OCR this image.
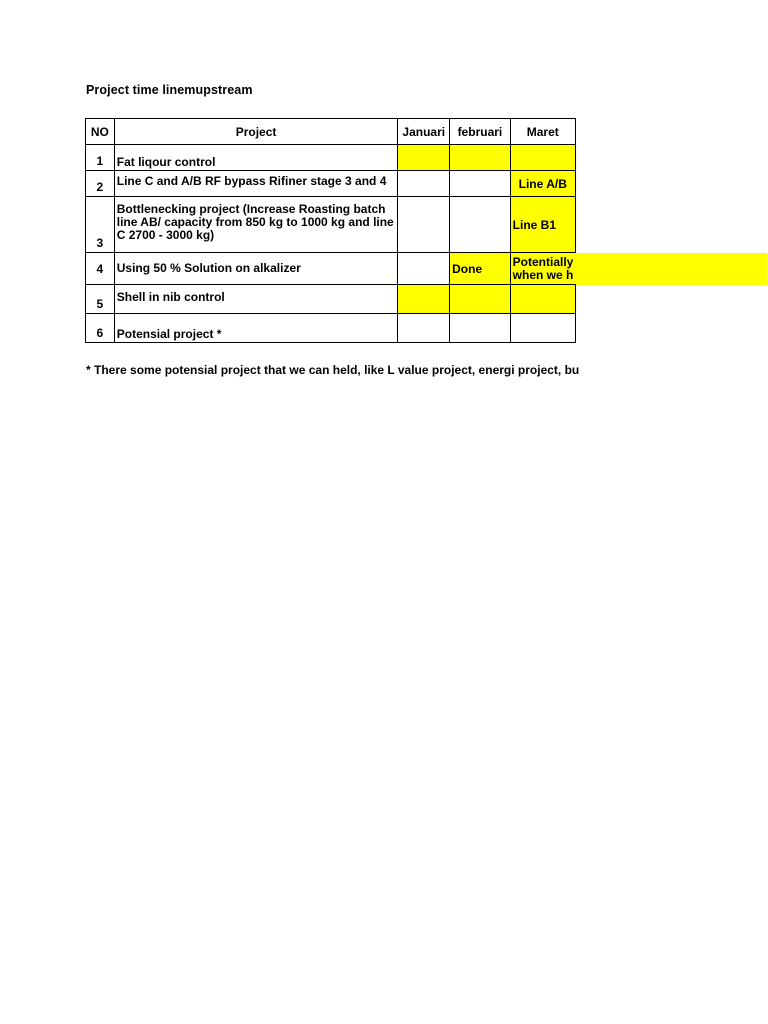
Project time linemupstream
NO	Project	Januari	februari	Maret	
1	Fat liqour control				
2	Line C and A/B RF bypass Rifiner stage 3 and 4			Line A/B	
3	Bottlenecking project (Increase Roasting batch line AB/ capacity from 850 kg to 1000 kg and line C 2700 - 3000 kg)			Line B1	
4	Using 50 % Solution on alkalizer		Done	Potentially
when we h	
5	Shell in nib control				
6	Potensial project *				
* There some potensial project that we can held, like L value project, energi project, bu
